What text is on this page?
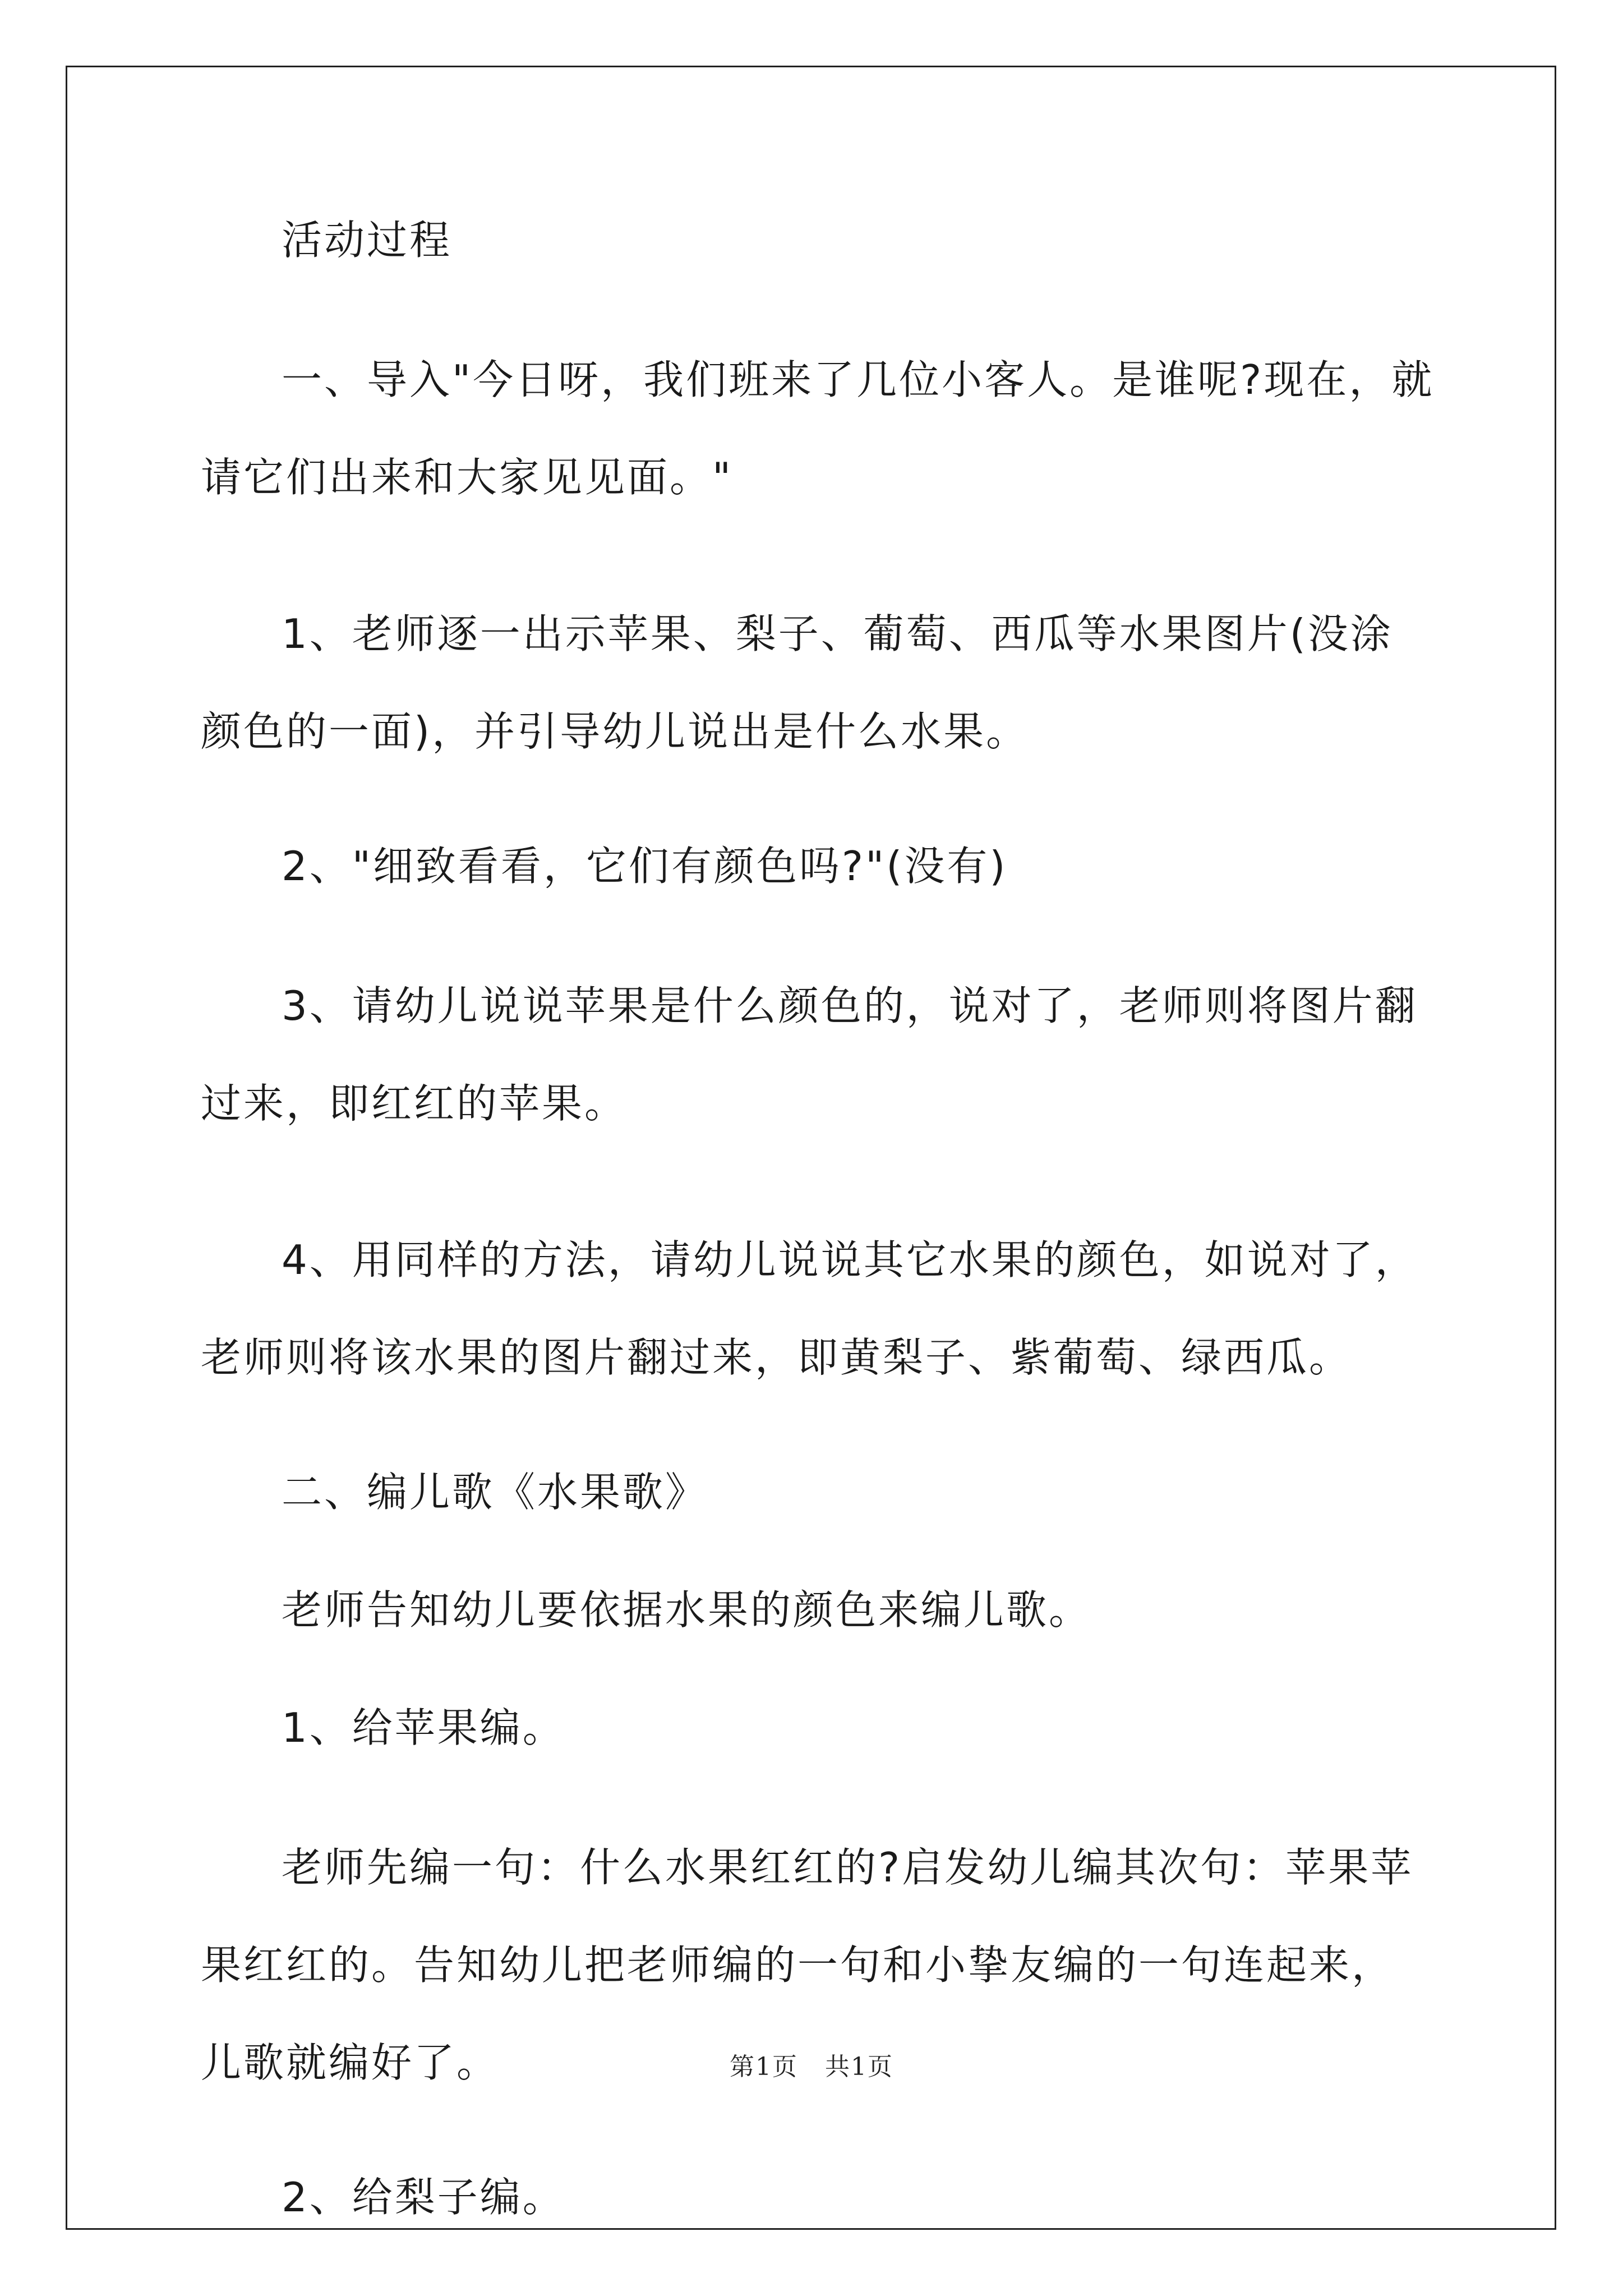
活动过程

一、导入"今日呀，我们班来了几位小客人。是谁呢?现在，就请它们出来和大家见见面。"

1、老师逐一出示苹果、梨子、葡萄、西瓜等水果图片(没涂颜色的一面)，并引导幼儿说出是什么水果。

2、"细致看看，它们有颜色吗?"(没有)

3、请幼儿说说苹果是什么颜色的，说对了，老师则将图片翻过来，即红红的苹果。

4、用同样的方法，请幼儿说说其它水果的颜色，如说对了，老师则将该水果的图片翻过来，即黄梨子、紫葡萄、绿西瓜。

二、编儿歌《水果歌》

老师告知幼儿要依据水果的颜色来编儿歌。

1、给苹果编。

老师先编一句：什么水果红红的?启发幼儿编其次句：苹果苹果红红的。告知幼儿把老师编的一句和小挚友编的一句连起来，儿歌就编好了。

2、给梨子编。

第1页 共1页
